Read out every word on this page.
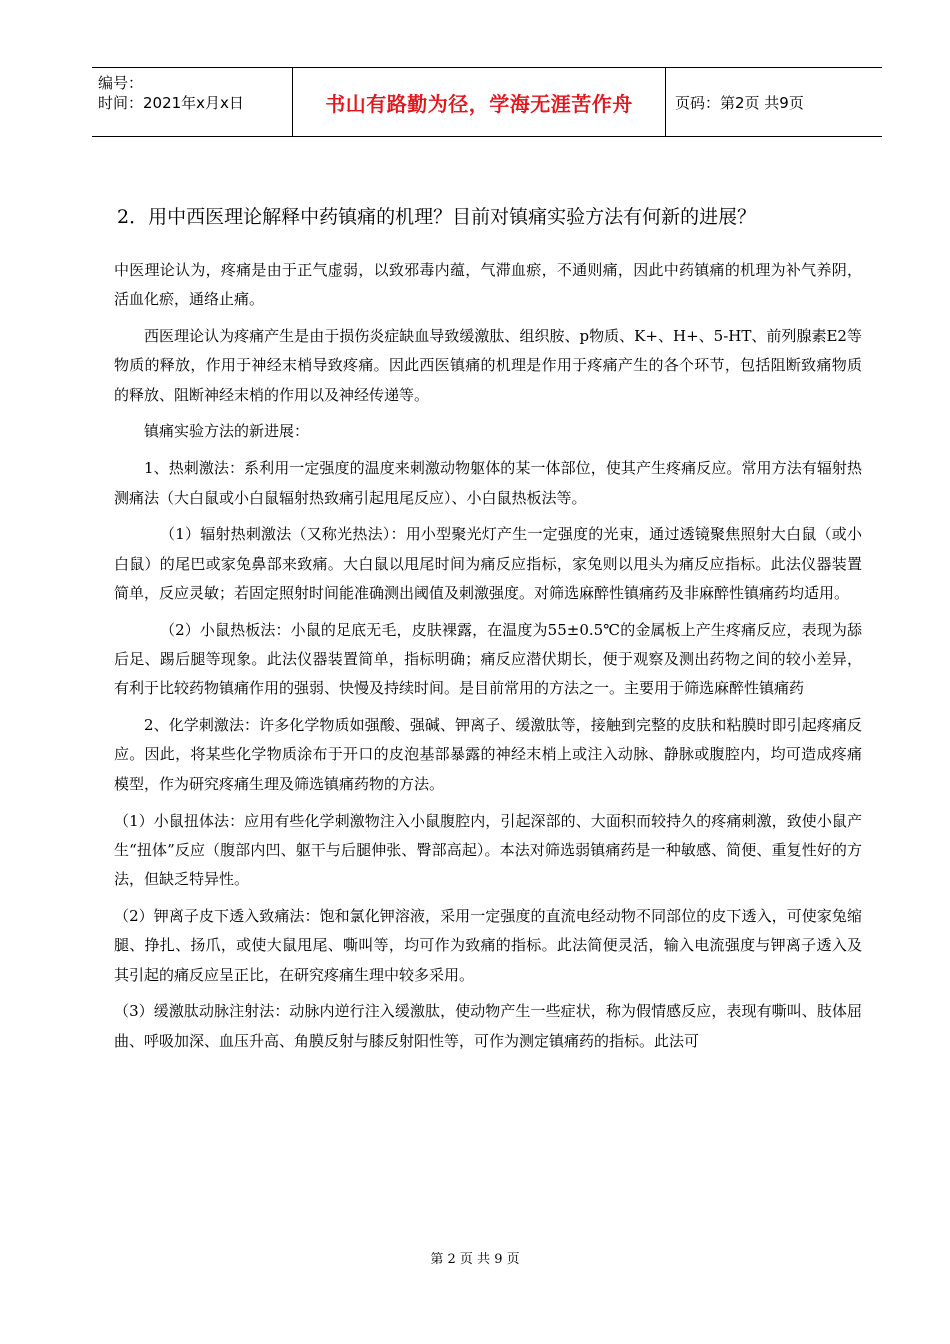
编号：
时间：2021年x月x日	书山有路勤为径，学海无涯苦作舟	页码：第2页 共9页
2．用中西医理论解释中药镇痛的机理？目前对镇痛实验方法有何新的进展？

中医理论认为，疼痛是由于正气虚弱，以致邪毒内蕴，气滞血瘀，不通则痛，因此中药镇痛的机理为补气养阴，活血化瘀，通络止痛。

西医理论认为疼痛产生是由于损伤炎症缺血导致缓激肽、组织胺、p物质、K+、H+、5-HT、前列腺素E2等物质的释放，作用于神经末梢导致疼痛。因此西医镇痛的机理是作用于疼痛产生的各个环节，包括阻断致痛物质的释放、阻断神经末梢的作用以及神经传递等。

镇痛实验方法的新进展：

1、热刺激法：系利用一定强度的温度来刺激动物躯体的某一体部位，使其产生疼痛反应。常用方法有辐射热测痛法（大白鼠或小白鼠辐射热致痛引起甩尾反应）、小白鼠热板法等。

（1）辐射热刺激法（又称光热法）：用小型聚光灯产生一定强度的光束，通过透镜聚焦照射大白鼠（或小白鼠）的尾巴或家兔鼻部来致痛。大白鼠以甩尾时间为痛反应指标，家兔则以甩头为痛反应指标。此法仪器装置简单，反应灵敏；若固定照射时间能准确测出阈值及刺激强度。对筛选麻醉性镇痛药及非麻醉性镇痛药均适用。

（2）小鼠热板法：小鼠的足底无毛，皮肤裸露，在温度为55±0.5℃的金属板上产生疼痛反应，表现为舔后足、踢后腿等现象。此法仪器装置简单，指标明确；痛反应潜伏期长，便于观察及测出药物之间的较小差异，有利于比较药物镇痛作用的强弱、快慢及持续时间。是目前常用的方法之一。主要用于筛选麻醉性镇痛药

2、化学刺激法：许多化学物质如强酸、强碱、钾离子、缓激肽等，接触到完整的皮肤和粘膜时即引起疼痛反应。因此，将某些化学物质涂布于开口的皮泡基部暴露的神经末梢上或注入动脉、静脉或腹腔内，均可造成疼痛模型，作为研究疼痛生理及筛选镇痛药物的方法。

（1）小鼠扭体法：应用有些化学刺激物注入小鼠腹腔内，引起深部的、大面积而较持久的疼痛刺激，致使小鼠产生“扭体”反应（腹部内凹、躯干与后腿伸张、臀部高起）。本法对筛选弱镇痛药是一种敏感、简便、重复性好的方法，但缺乏特异性。

（2）钾离子皮下透入致痛法：饱和氯化钾溶液，采用一定强度的直流电经动物不同部位的皮下透入，可使家兔缩腿、挣扎、扬爪，或使大鼠甩尾、嘶叫等，均可作为致痛的指标。此法简便灵活，输入电流强度与钾离子透入及其引起的痛反应呈正比，在研究疼痛生理中较多采用。

（3）缓激肽动脉注射法：动脉内逆行注入缓激肽，使动物产生一些症状，称为假情感反应，表现有嘶叫、肢体屈曲、呼吸加深、血压升高、角膜反射与膝反射阳性等，可作为测定镇痛药的指标。此法可

第 2 页 共 9 页
